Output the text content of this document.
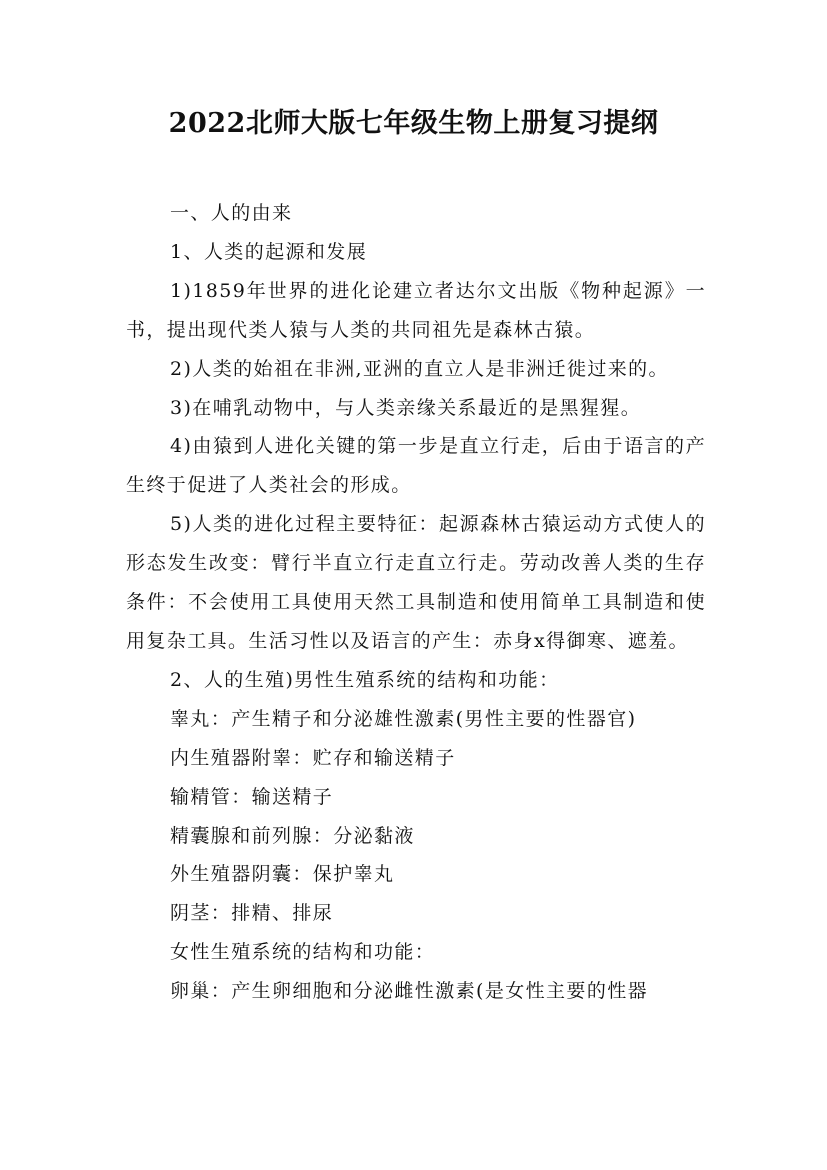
2022北师大版七年级生物上册复习提纲

一、人的由来

1、人类的起源和发展

1)1859年世界的进化论建立者达尔文出版《物种起源》一书，提出现代类人猿与人类的共同祖先是森林古猿。

2)人类的始祖在非洲,亚洲的直立人是非洲迁徙过来的。

3)在哺乳动物中，与人类亲缘关系最近的是黑猩猩。

4)由猿到人进化关键的第一步是直立行走，后由于语言的产生终于促进了人类社会的形成。

5)人类的进化过程主要特征：起源森林古猿运动方式使人的形态发生改变：臂行半直立行走直立行走。劳动改善人类的生存条件：不会使用工具使用天然工具制造和使用简单工具制造和使用复杂工具。生活习性以及语言的产生：赤身x得御寒、遮羞。

2、人的生殖)男性生殖系统的结构和功能：

睾丸：产生精子和分泌雄性激素(男性主要的性器官)

内生殖器附睾：贮存和输送精子

输精管：输送精子

精囊腺和前列腺：分泌黏液

外生殖器阴囊：保护睾丸

阴茎：排精、排尿

女性生殖系统的结构和功能：

卵巢：产生卵细胞和分泌雌性激素(是女性主要的性器
